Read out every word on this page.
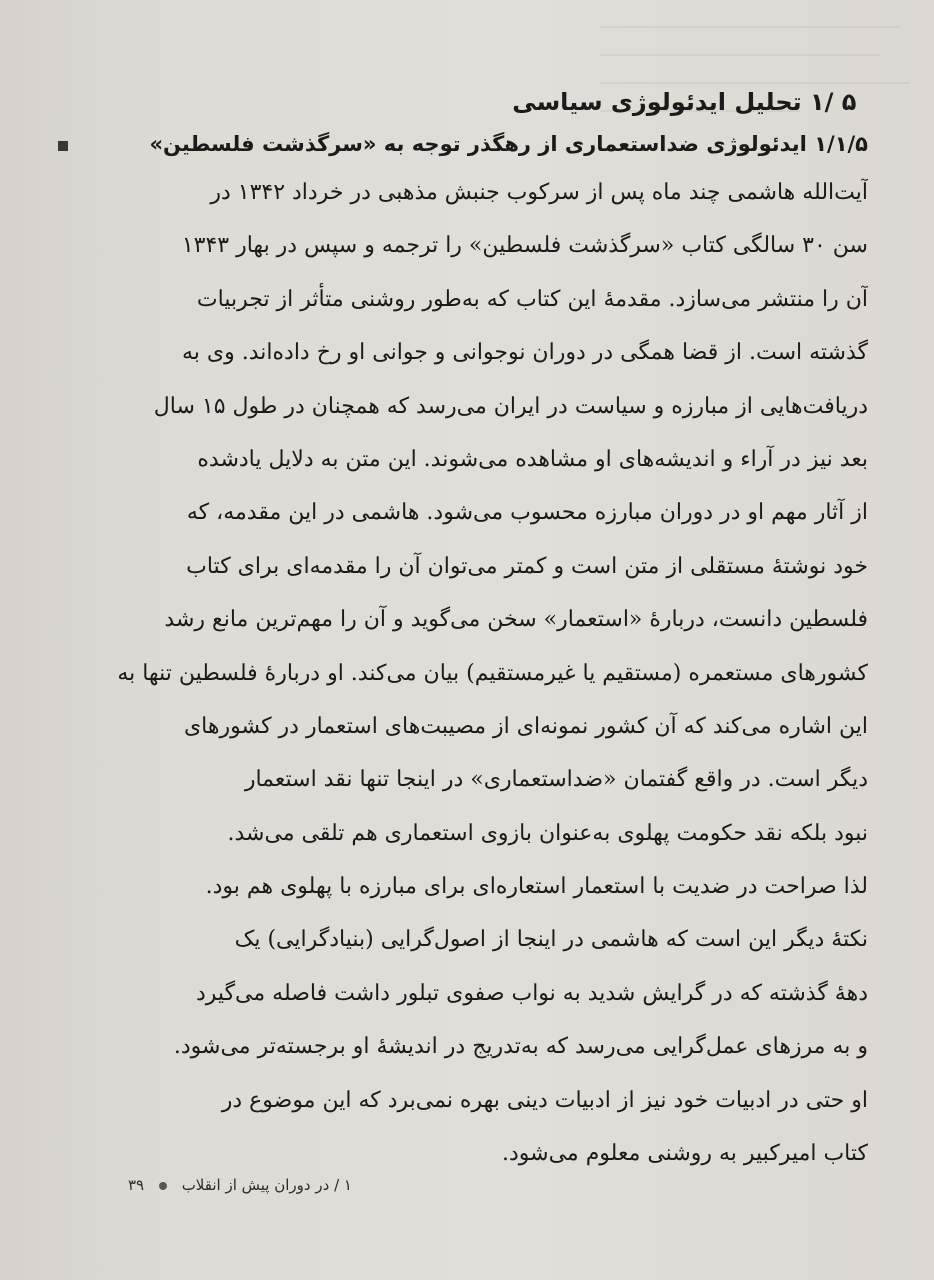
۵ /۱ تحلیل ایدئولوژی سیاسی
۱/۱/۵ ایدئولوژی ضداستعماری از رهگذر توجه به «سرگذشت فلسطین»
آیت‌الله هاشمی چند ماه پس از سرکوب جنبش مذهبی در خرداد ۱۳۴۲ در
سن ۳۰ سالگی کتاب «سرگذشت فلسطین» را ترجمه و سپس در بهار ۱۳۴۳
آن را منتشر می‌سازد. مقدمهٔ این کتاب که به‌طور روشنی متأثر از تجربیات
گذشته است. از قضا همگی در دوران نوجوانی و جوانی او رخ داده‌اند. وی به
دریافت‌هایی از مبارزه و سیاست در ایران می‌رسد که همچنان در طول ۱۵ سال
بعد نیز در آراء و اندیشه‌های او مشاهده می‌شوند. این متن به دلایل یادشده
از آثار مهم او در دوران مبارزه محسوب می‌شود. هاشمی در این مقدمه، که
خود نوشتهٔ مستقلی از متن است و کمتر می‌توان آن را مقدمه‌ای برای کتاب
فلسطین دانست، دربارهٔ «استعمار» سخن می‌گوید و آن را مهم‌ترین مانع رشد
کشورهای مستعمره (مستقیم یا غیرمستقیم) بیان می‌کند. او دربارهٔ فلسطین تنها به
این اشاره می‌کند که آن کشور نمونه‌ای از مصیبت‌های استعمار در کشورهای
دیگر است. در واقع گفتمان «ضداستعماری» در اینجا تنها نقد استعمار
نبود بلکه نقد حکومت پهلوی به‌عنوان بازوی استعماری هم تلقی می‌شد.
لذا صراحت در ضدیت با استعمار استعاره‌ای برای مبارزه با پهلوی هم بود.
نکتهٔ دیگر این است که هاشمی در اینجا از اصول‌گرایی (بنیادگرایی) یک
دههٔ گذشته که در گرایش شدید به نواب صفوی تبلور داشت فاصله می‌گیرد
و به مرزهای عمل‌گرایی می‌رسد که به‌تدریج در اندیشهٔ او برجسته‌تر می‌شود.
او حتی در ادبیات خود نیز از ادبیات دینی بهره نمی‌برد که این موضوع در
کتاب امیرکبیر به روشنی معلوم می‌شود.
۱ / در دوران پیش از انقلاب  ۳۹
